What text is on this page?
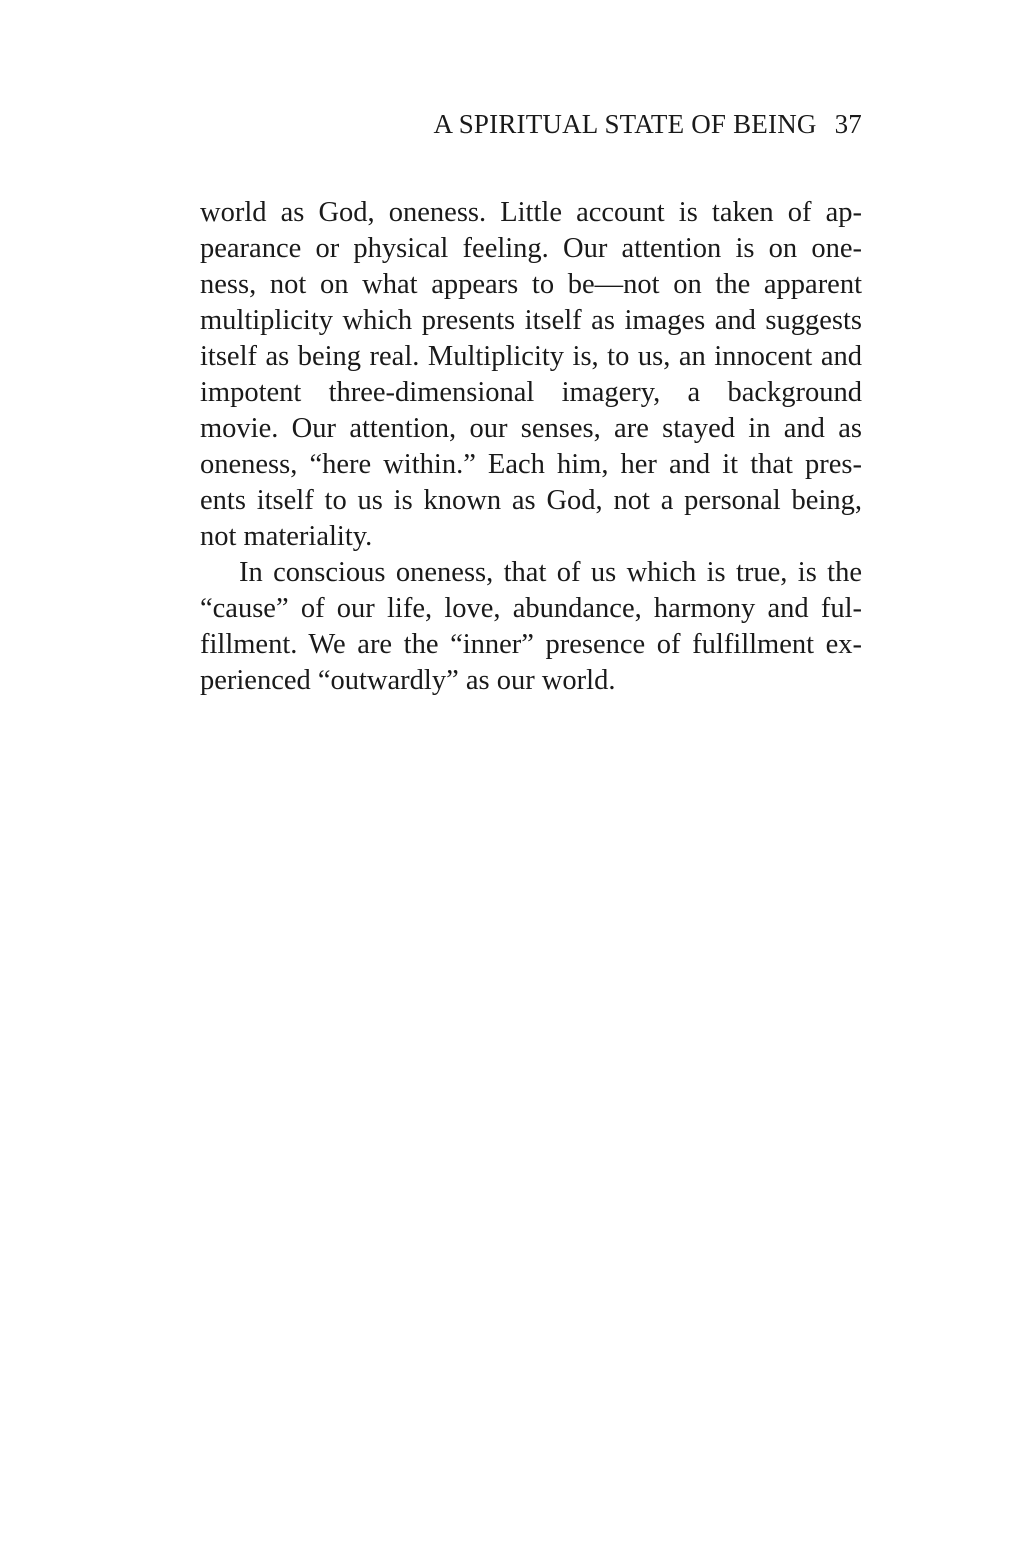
A SPIRITUAL STATE OF BEING 37
world as God, oneness. Little account is taken of ap-
pearance or physical feeling. Our attention is on one-
ness, not on what appears to be—not on the apparent
multiplicity which presents itself as images and suggests
itself as being real. Multiplicity is, to us, an innocent and
impotent three-dimensional imagery, a background
movie. Our attention, our senses, are stayed in and as
oneness, “here within.” Each him, her and it that pres-
ents itself to us is known as God, not a personal being,
not materiality.
In conscious oneness, that of us which is true, is the
“cause” of our life, love, abundance, harmony and ful-
fillment. We are the “inner” presence of fulfillment ex-
perienced “outwardly” as our world.
